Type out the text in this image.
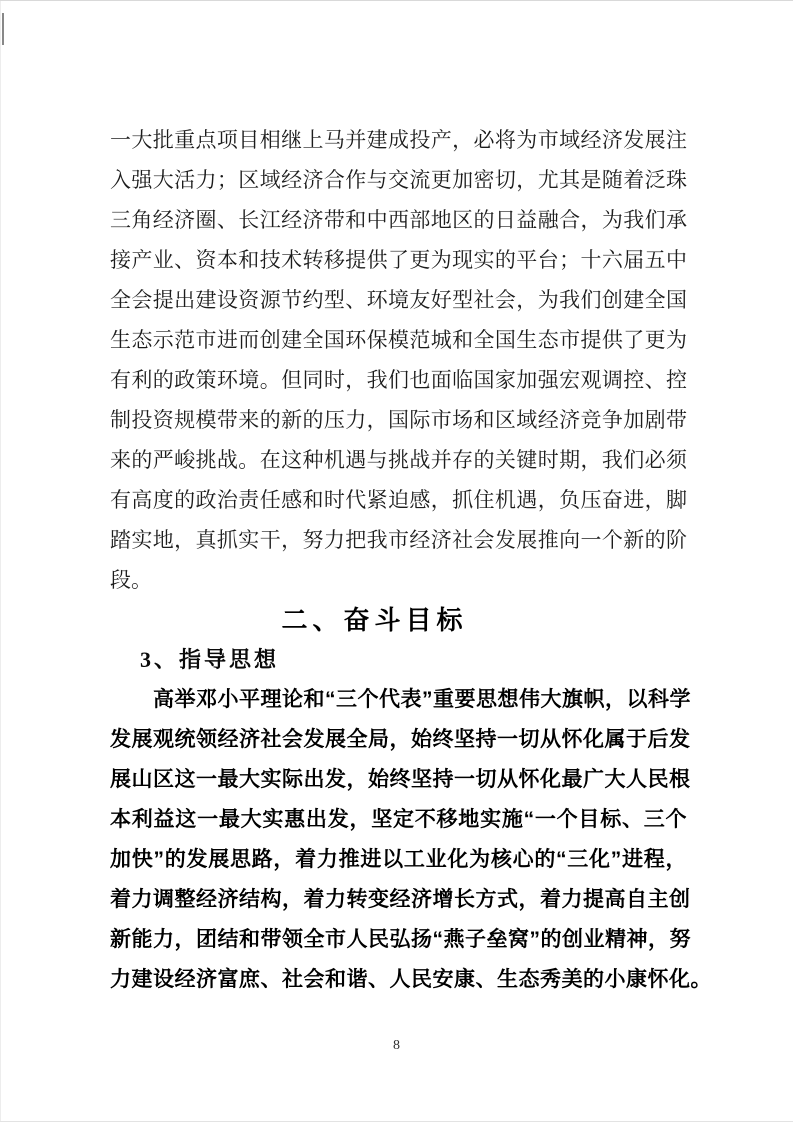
一大批重点项目相继上马并建成投产，必将为市域经济发展注
入强大活力；区域经济合作与交流更加密切，尤其是随着泛珠
三角经济圈、长江经济带和中西部地区的日益融合，为我们承
接产业、资本和技术转移提供了更为现实的平台；十六届五中
全会提出建设资源节约型、环境友好型社会，为我们创建全国
生态示范市进而创建全国环保模范城和全国生态市提供了更为
有利的政策环境。但同时，我们也面临国家加强宏观调控、控
制投资规模带来的新的压力，国际市场和区域经济竞争加剧带
来的严峻挑战。在这种机遇与挑战并存的关键时期，我们必须
有高度的政治责任感和时代紧迫感，抓住机遇，负压奋进，脚
踏实地，真抓实干，努力把我市经济社会发展推向一个新的阶
段。
二、奋斗目标
3、指导思想
高举邓小平理论和“三个代表”重要思想伟大旗帜，以科学
发展观统领经济社会发展全局，始终坚持一切从怀化属于后发
展山区这一最大实际出发，始终坚持一切从怀化最广大人民根
本利益这一最大实惠出发，坚定不移地实施“一个目标、三个
加快”的发展思路，着力推进以工业化为核心的“三化”进程，
着力调整经济结构，着力转变经济增长方式，着力提高自主创
新能力，团结和带领全市人民弘扬“燕子垒窝”的创业精神，努
力建设经济富庶、社会和谐、人民安康、生态秀美的小康怀化。
8
